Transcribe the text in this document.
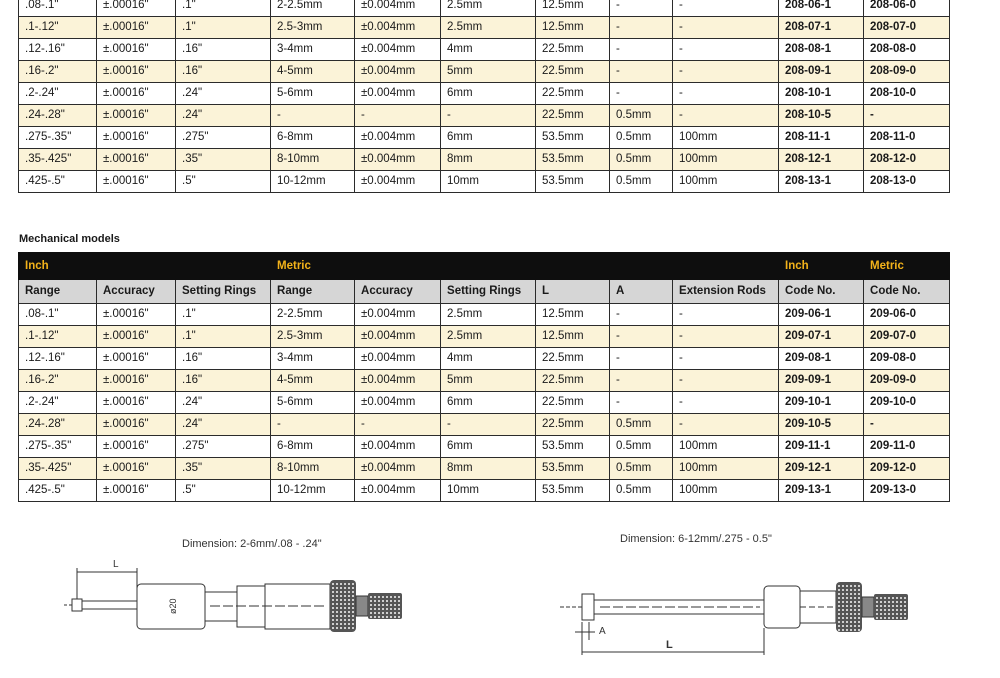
.08-.1"	±.00016"	.1"	2-2.5mm	±0.004mm	2.5mm	12.5mm	-	-	208-06-1	208-06-0
.1-.12"	±.00016"	.1"	2.5-3mm	±0.004mm	2.5mm	12.5mm	-	-	208-07-1	208-07-0
.12-.16"	±.00016"	.16"	3-4mm	±0.004mm	4mm	22.5mm	-	-	208-08-1	208-08-0
.16-.2"	±.00016"	.16"	4-5mm	±0.004mm	5mm	22.5mm	-	-	208-09-1	208-09-0
.2-.24"	±.00016"	.24"	5-6mm	±0.004mm	6mm	22.5mm	-	-	208-10-1	208-10-0
.24-.28"	±.00016"	.24"	-	-	-	22.5mm	0.5mm	-	208-10-5	-
.275-.35"	±.00016"	.275"	6-8mm	±0.004mm	6mm	53.5mm	0.5mm	100mm	208-11-1	208-11-0
.35-.425"	±.00016"	.35"	8-10mm	±0.004mm	8mm	53.5mm	0.5mm	100mm	208-12-1	208-12-0
.425-.5"	±.00016"	.5"	10-12mm	±0.004mm	10mm	53.5mm	0.5mm	100mm	208-13-1	208-13-0
Mechanical models
Inch			Metric						Inch	Metric
Range	Accuracy	Setting Rings	Range	Accuracy	Setting Rings	L	A	Extension Rods	Code No.	Code No.
.08-.1"	±.00016"	.1"	2-2.5mm	±0.004mm	2.5mm	12.5mm	-	-	209-06-1	209-06-0
.1-.12"	±.00016"	.1"	2.5-3mm	±0.004mm	2.5mm	12.5mm	-	-	209-07-1	209-07-0
.12-.16"	±.00016"	.16"	3-4mm	±0.004mm	4mm	22.5mm	-	-	209-08-1	209-08-0
.16-.2"	±.00016"	.16"	4-5mm	±0.004mm	5mm	22.5mm	-	-	209-09-1	209-09-0
.2-.24"	±.00016"	.24"	5-6mm	±0.004mm	6mm	22.5mm	-	-	209-10-1	209-10-0
.24-.28"	±.00016"	.24"	-	-	-	22.5mm	0.5mm	-	209-10-5	-
.275-.35"	±.00016"	.275"	6-8mm	±0.004mm	6mm	53.5mm	0.5mm	100mm	209-11-1	209-11-0
.35-.425"	±.00016"	.35"	8-10mm	±0.004mm	8mm	53.5mm	0.5mm	100mm	209-12-1	209-12-0
.425-.5"	±.00016"	.5"	10-12mm	±0.004mm	10mm	53.5mm	0.5mm	100mm	209-13-1	209-13-0
Dimension: 2-6mm/.08 - .24"	Dimension: 6-12mm/.275 - 0.5"
L
ø20
A
L
